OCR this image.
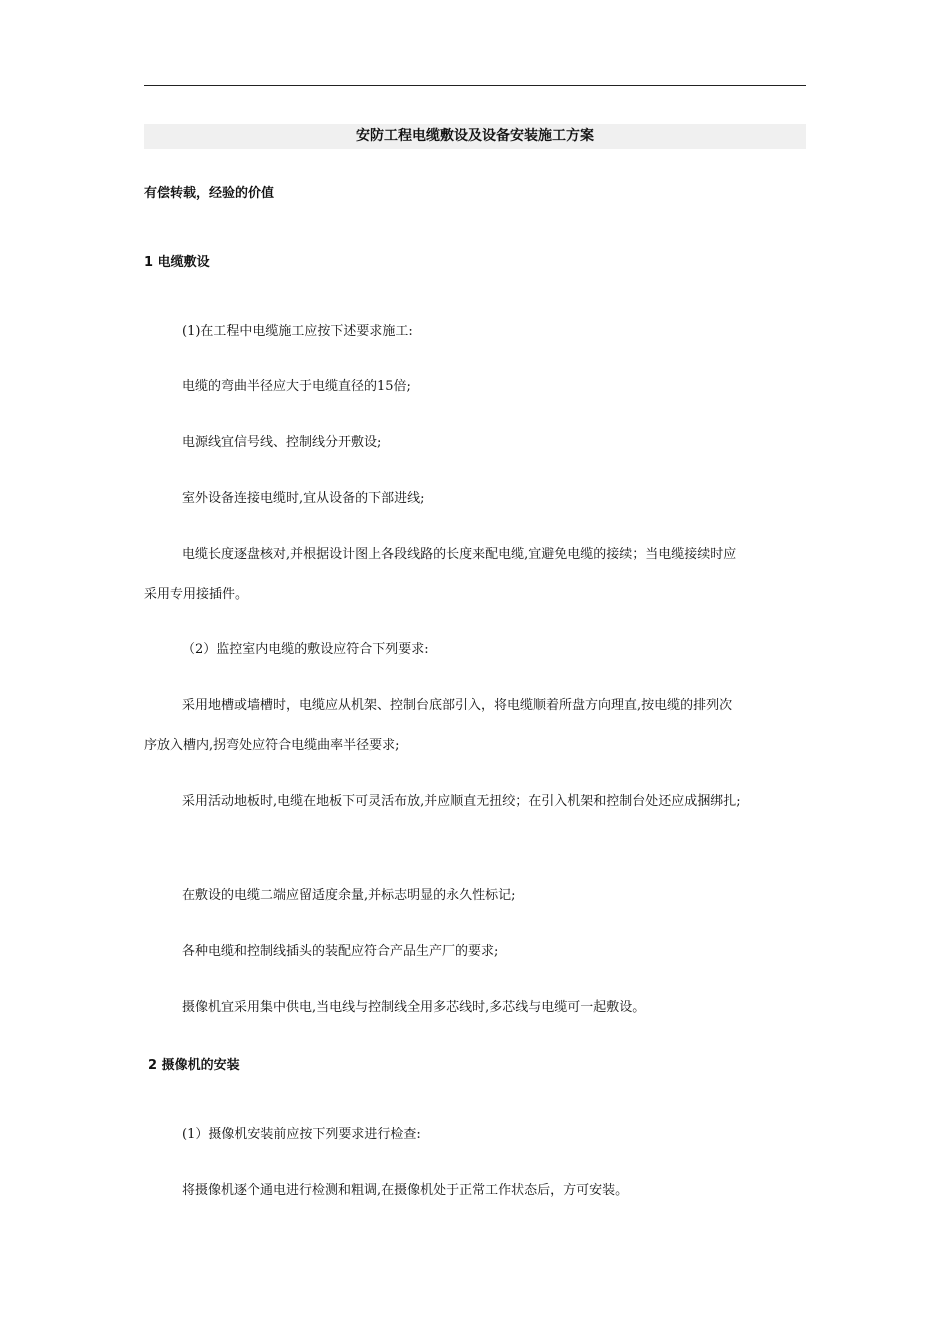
安防工程电缆敷设及设备安装施工方案
有偿转载，经验的价值
1 电缆敷设
(1)在工程中电缆施工应按下述要求施工:
电缆的弯曲半径应大于电缆直径的15倍;
电源线宜信号线、控制线分开敷设;
室外设备连接电缆时,宜从设备的下部进线;
电缆长度逐盘核对,并根据设计图上各段线路的长度来配电缆,宜避免电缆的接续；当电缆接续时应
采用专用接插件。
（2）监控室内电缆的敷设应符合下列要求:
采用地槽或墙槽时，电缆应从机架、控制台底部引入，将电缆顺着所盘方向理直,按电缆的排列次
序放入槽内,拐弯处应符合电缆曲率半径要求;
采用活动地板时,电缆在地板下可灵活布放,并应顺直无扭绞；在引入机架和控制台处还应成捆绑扎;
在敷设的电缆二端应留适度余量,并标志明显的永久性标记;
各种电缆和控制线插头的装配应符合产品生产厂的要求;
摄像机宜采用集中供电,当电线与控制线全用多芯线时,多芯线与电缆可一起敷设。
2 摄像机的安装
(1）摄像机安装前应按下列要求进行检查:
将摄像机逐个通电进行检测和粗调,在摄像机处于正常工作状态后，方可安装。
